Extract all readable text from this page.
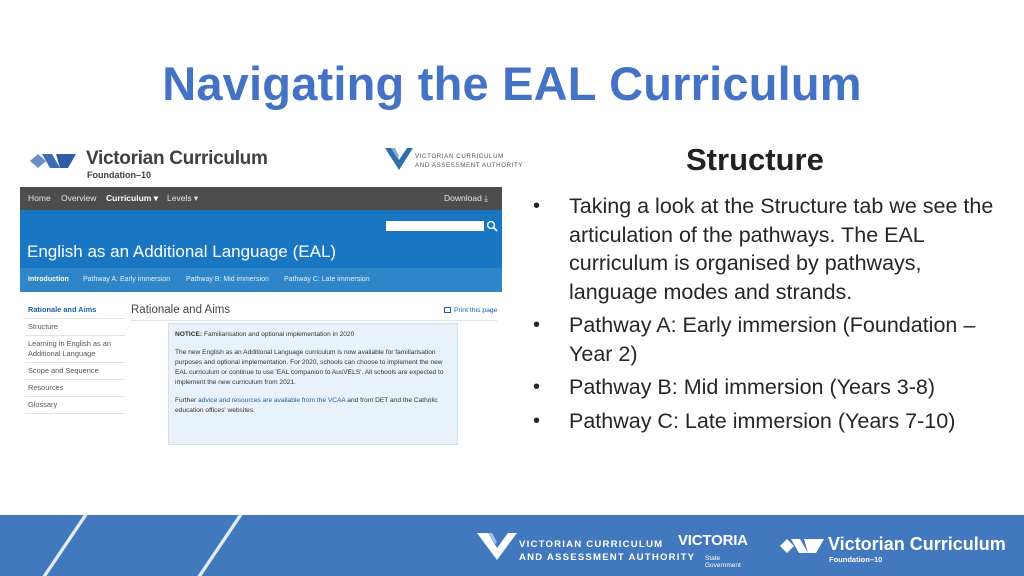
Navigating the EAL Curriculum
Victorian Curriculum
Foundation–10
VICTORIAN CURRICULUM
AND ASSESSMENT AUTHORITY
Home Overview Curriculum ▾ Levels ▾	Download ⤓
English as an Additional Language (EAL)
Introduction Pathway A: Early immersion Pathway B: Mid immersion Pathway C: Late immersion
Rationale and Aims
Structure
Learning in English as an Additional Language
Scope and Sequence
Resources
Glossary
Rationale and Aims	Print this page

NOTICE: Familiarisation and optional implementation in 2020

The new English as an Additional Language curriculum is now available for familiarisation purposes and optional implementation. For 2020, schools can choose to implement the new EAL curriculum or continue to use 'EAL companion to AusVELS'. All schools are expected to implement the new curriculum from 2021.

Further advice and resources are available from the VCAA and from DET and the Catholic education offices' websites.

Structure
• Taking a look at the Structure tab we see the articulation of the pathways. The EAL curriculum is organised by pathways, language modes and strands.
• Pathway A: Early immersion (Foundation –Year 2)
• Pathway B: Mid immersion (Years 3-8)
• Pathway C: Late immersion (Years 7-10)
VICTORIAN CURRICULUM
AND ASSESSMENT AUTHORITY
VICTORIA
State
Government
Victorian Curriculum
Foundation–10
